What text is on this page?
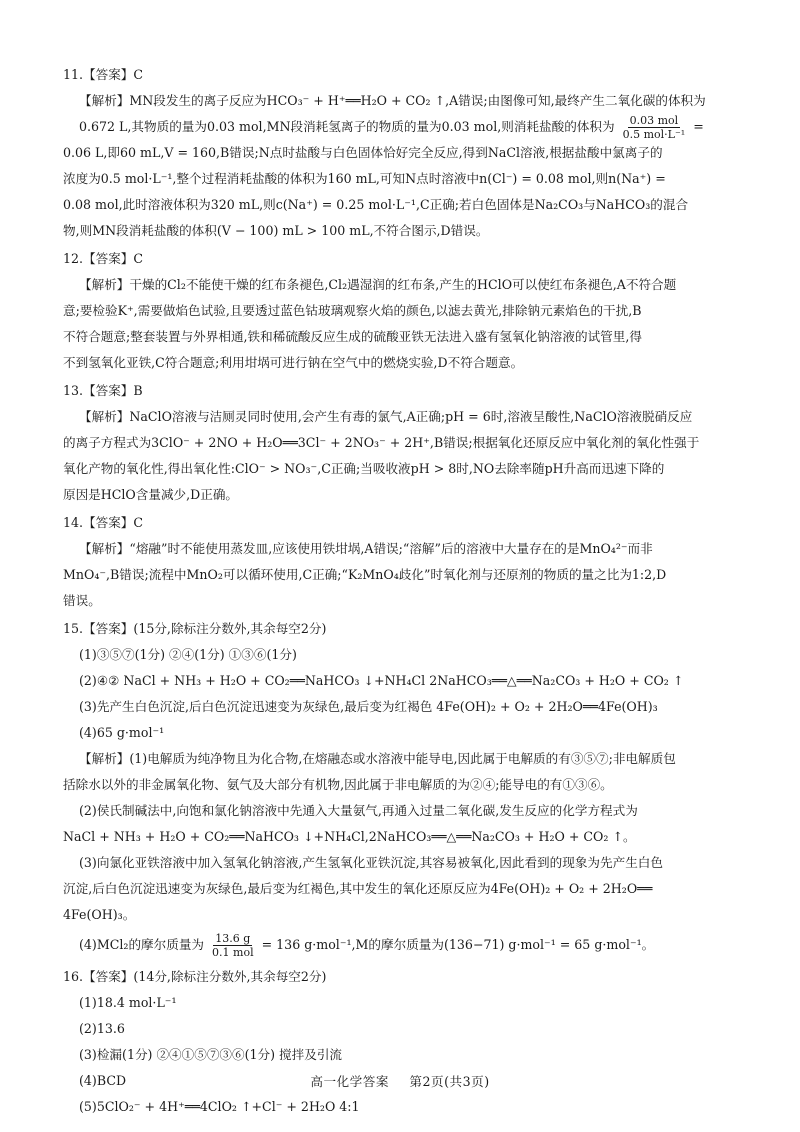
11.【答案】C
【解析】MN段发生的离子反应为HCO₃⁻ + H⁺══H₂O + CO₂ ↑,A错误;由图像可知,最终产生二氧化碳的体积为
0.672 L,其物质的量为0.03 mol,MN段消耗氢离子的物质的量为0.03 mol,则消耗盐酸的体积为 $\frac{\text{0.03 mol}}{\text{0.5 mol·L⁻¹}}$ =
0.06 L,即60 mL,V = 160,B错误;N点时盐酸与白色固体恰好完全反应,得到NaCl溶液,根据盐酸中氯离子的
浓度为0.5 mol·L⁻¹,整个过程消耗盐酸的体积为160 mL,可知N点时溶液中n(Cl⁻) = 0.08 mol,则n(Na⁺) =
0.08 mol,此时溶液体积为320 mL,则c(Na⁺) = 0.25 mol·L⁻¹,C正确;若白色固体是Na₂CO₃与NaHCO₃的混合
物,则MN段消耗盐酸的体积(V − 100) mL > 100 mL,不符合图示,D错误。
12.【答案】C
【解析】干燥的Cl₂不能使干燥的红布条褪色,Cl₂遇湿润的红布条,产生的HClO可以使红布条褪色,A不符合题
意;要检验K⁺,需要做焰色试验,且要透过蓝色钴玻璃观察火焰的颜色,以滤去黄光,排除钠元素焰色的干扰,B
不符合题意;整套装置与外界相通,铁和稀硫酸反应生成的硫酸亚铁无法进入盛有氢氧化钠溶液的试管里,得
不到氢氧化亚铁,C符合题意;利用坩埚可进行钠在空气中的燃烧实验,D不符合题意。
13.【答案】B
【解析】NaClO溶液与洁厕灵同时使用,会产生有毒的氯气,A正确;pH = 6时,溶液呈酸性,NaClO溶液脱硝反应
的离子方程式为3ClO⁻ + 2NO + H₂O══3Cl⁻ + 2NO₃⁻ + 2H⁺,B错误;根据氧化还原反应中氧化剂的氧化性强于
氧化产物的氧化性,得出氧化性:ClO⁻ > NO₃⁻,C正确;当吸收液pH > 8时,NO去除率随pH升高而迅速下降的
原因是HClO含量减少,D正确。
14.【答案】C
【解析】“熔融”时不能使用蒸发皿,应该使用铁坩埚,A错误;“溶解”后的溶液中大量存在的是MnO₄²⁻而非
MnO₄⁻,B错误;流程中MnO₂可以循环使用,C正确;“K₂MnO₄歧化”时氧化剂与还原剂的物质的量之比为1:2,D
错误。
15.【答案】(15分,除标注分数外,其余每空2分)
(1)③⑤⑦(1分) ②④(1分) ①③⑥(1分)
(2)④② NaCl + NH₃ + H₂O + CO₂══NaHCO₃ ↓+NH₄Cl 2NaHCO₃══△══Na₂CO₃ + H₂O + CO₂ ↑
(3)先产生白色沉淀,后白色沉淀迅速变为灰绿色,最后变为红褐色 4Fe(OH)₂ + O₂ + 2H₂O══4Fe(OH)₃
(4)65 g·mol⁻¹
【解析】(1)电解质为纯净物且为化合物,在熔融态或水溶液中能导电,因此属于电解质的有③⑤⑦;非电解质包
括除水以外的非金属氧化物、氨气及大部分有机物,因此属于非电解质的为②④;能导电的有①③⑥。
(2)侯氏制碱法中,向饱和氯化钠溶液中先通入大量氨气,再通入过量二氧化碳,发生反应的化学方程式为
NaCl + NH₃ + H₂O + CO₂══NaHCO₃ ↓+NH₄Cl,2NaHCO₃══△══Na₂CO₃ + H₂O + CO₂ ↑。
(3)向氯化亚铁溶液中加入氢氧化钠溶液,产生氢氧化亚铁沉淀,其容易被氧化,因此看到的现象为先产生白色
沉淀,后白色沉淀迅速变为灰绿色,最后变为红褐色,其中发生的氧化还原反应为4Fe(OH)₂ + O₂ + 2H₂O══
4Fe(OH)₃。
(4)MCl₂的摩尔质量为 $\frac{13.6 g}{\text{0.1 mol}} = 136$ g·mol⁻¹,M的摩尔质量为(136−71) g·mol⁻¹ = 65 g·mol⁻¹。
16.【答案】(14分,除标注分数外,其余每空2分)
(1)18.4 mol·L⁻¹
(2)13.6
(3)检漏(1分) ②④①⑤⑦③⑥(1分) 搅拌及引流
(4)BCD
(5)5ClO₂⁻ + 4H⁺══4ClO₂ ↑+Cl⁻ + 2H₂O 4:1
高一化学答案 第2页(共3页)
